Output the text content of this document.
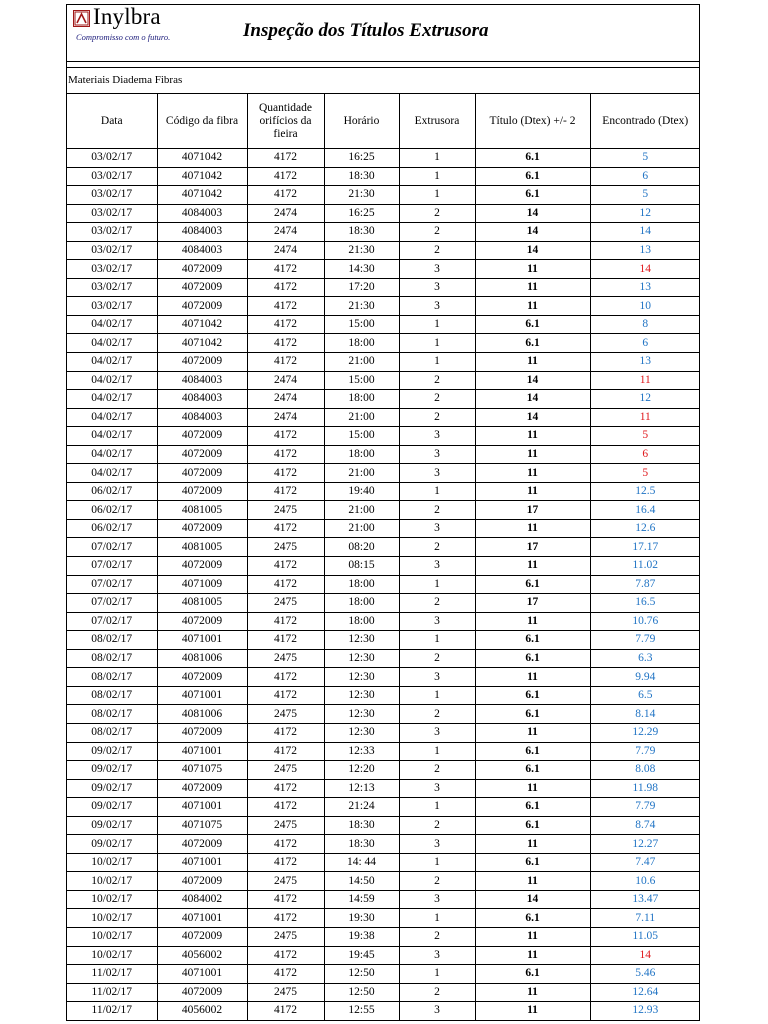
Inylbra
Compromisso com o futuro.	Inspeção dos Títulos Extrusora
Materiais Diadema Fibras
Data	Código da fibra	Quantidade orifícios da fieira	Horário	Extrusora	Título (Dtex) +/- 2	Encontrado (Dtex)
03/02/17	4071042	4172	16:25	1	6.1	5
03/02/17	4071042	4172	18:30	1	6.1	6
03/02/17	4071042	4172	21:30	1	6.1	5
03/02/17	4084003	2474	16:25	2	14	12
03/02/17	4084003	2474	18:30	2	14	14
03/02/17	4084003	2474	21:30	2	14	13
03/02/17	4072009	4172	14:30	3	11	14
03/02/17	4072009	4172	17:20	3	11	13
03/02/17	4072009	4172	21:30	3	11	10
04/02/17	4071042	4172	15:00	1	6.1	8
04/02/17	4071042	4172	18:00	1	6.1	6
04/02/17	4072009	4172	21:00	1	11	13
04/02/17	4084003	2474	15:00	2	14	11
04/02/17	4084003	2474	18:00	2	14	12
04/02/17	4084003	2474	21:00	2	14	11
04/02/17	4072009	4172	15:00	3	11	5
04/02/17	4072009	4172	18:00	3	11	6
04/02/17	4072009	4172	21:00	3	11	5
06/02/17	4072009	4172	19:40	1	11	12.5
06/02/17	4081005	2475	21:00	2	17	16.4
06/02/17	4072009	4172	21:00	3	11	12.6
07/02/17	4081005	2475	08:20	2	17	17.17
07/02/17	4072009	4172	08:15	3	11	11.02
07/02/17	4071009	4172	18:00	1	6.1	7.87
07/02/17	4081005	2475	18:00	2	17	16.5
07/02/17	4072009	4172	18:00	3	11	10.76
08/02/17	4071001	4172	12:30	1	6.1	7.79
08/02/17	4081006	2475	12:30	2	6.1	6.3
08/02/17	4072009	4172	12:30	3	11	9.94
08/02/17	4071001	4172	12:30	1	6.1	6.5
08/02/17	4081006	2475	12:30	2	6.1	8.14
08/02/17	4072009	4172	12:30	3	11	12.29
09/02/17	4071001	4172	12:33	1	6.1	7.79
09/02/17	4071075	2475	12:20	2	6.1	8.08
09/02/17	4072009	4172	12:13	3	11	11.98
09/02/17	4071001	4172	21:24	1	6.1	7.79
09/02/17	4071075	2475	18:30	2	6.1	8.74
09/02/17	4072009	4172	18:30	3	11	12.27
10/02/17	4071001	4172	14: 44	1	6.1	7.47
10/02/17	4072009	2475	14:50	2	11	10.6
10/02/17	4084002	4172	14:59	3	14	13.47
10/02/17	4071001	4172	19:30	1	6.1	7.11
10/02/17	4072009	2475	19:38	2	11	11.05
10/02/17	4056002	4172	19:45	3	11	14
11/02/17	4071001	4172	12:50	1	6.1	5.46
11/02/17	4072009	2475	12:50	2	11	12.64
11/02/17	4056002	4172	12:55	3	11	12.93
